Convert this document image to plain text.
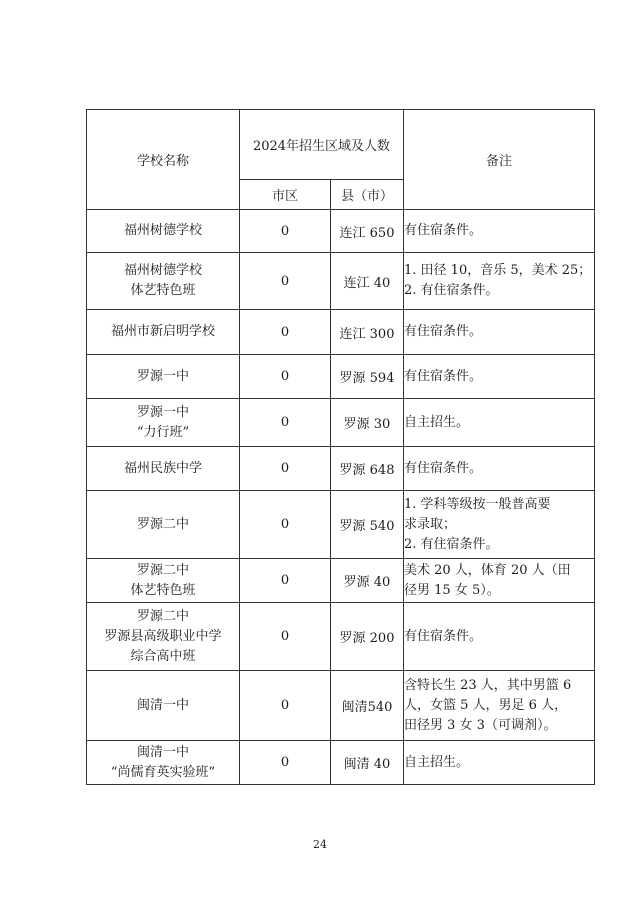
学校名称	2024年招生区域及人数		备注
	市区	县（市）	

福州树德学校	0	连江 650	有住宿条件。

福州树德学校
体艺特色班	0	连江 40	1. 田径 10，音乐 5，美术 25；
2. 有住宿条件。

福州市新启明学校	0	连江 300	有住宿条件。

罗源一中	0	罗源 594	有住宿条件。

罗源一中
“力行班”	0	罗源 30	自主招生。

福州民族中学	0	罗源 648	有住宿条件。

罗源二中	0	罗源 540	1. 学科等级按一般普高要
求录取；
2. 有住宿条件。

罗源二中
体艺特色班	0	罗源 40	美术 20 人，体育 20 人（田
径男 15 女 5）。

罗源二中
罗源县高级职业中学
综合高中班	0	罗源 200	有住宿条件。

闽清一中	0	闽清540	含特长生 23 人，其中男篮 6
人，女篮 5 人，男足 6 人，
田径男 3 女 3（可调剂）。

闽清一中
“尚儒育英实验班”	0	闽清 40	自主招生。
24
